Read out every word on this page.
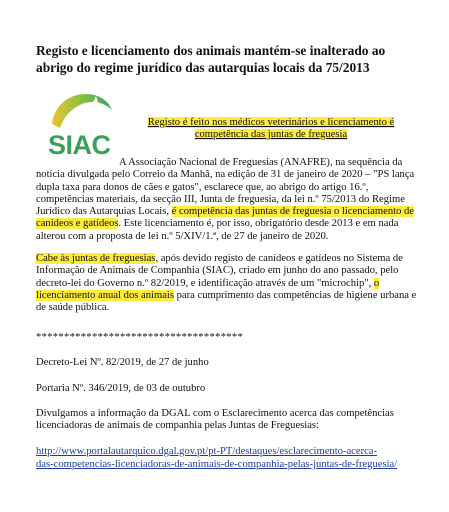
Registo e licenciamento dos animais mantém-se inalterado ao abrigo do regime jurídico das autarquias locais da 75/2013
SIAC
Registo é feito nos médicos veterinários e licenciamento é
competência das juntas de freguesia
A Associação Nacional de Freguesias (ANAFRE), na sequência da notícia divulgada pelo Correio da Manhã, na edição de 31 de janeiro de 2020 – "PS lança dupla taxa para donos de cães e gatos", esclarece que, ao abrigo do artigo 16.º, competências materiais, da secção III, Junta de freguesia, da lei n.º 75/2013 do Regime Jurídico das Autarquias Locais, é competência das juntas de freguesia o licenciamento de canídeos e gatídeos. Este licenciamento é, por isso, obrigatório desde 2013 e em nada alterou com a proposta de lei n.º 5/XIV/1.ª, de 27 de janeiro de 2020.
Cabe às juntas de freguesias, após devido registo de canídeos e gatídeos no Sistema de Informação de Animais de Companhia (SIAC), criado em junho do ano passado, pelo decreto-lei do Governo n.º 82/2019, e identificação através de um "microchip", o licenciamento anual dos animais para cumprimento das competências de higiene urbana e de saúde pública.
*************************************
Decreto-Lei Nº. 82/2019, de 27 de junho
Portaria Nº. 346/2019, de 03 de outubro
Divulgamos a informação da DGAL com o Esclarecimento acerca das competências licenciadoras de animais de companhia pelas Juntas de Freguesias:
http://www.portalautarquico.dgal.gov.pt/pt-PT/destaques/esclarecimento-acerca-
das-competencias-licenciadoras-de-animais-de-companhia-pelas-juntas-de-freguesia/
